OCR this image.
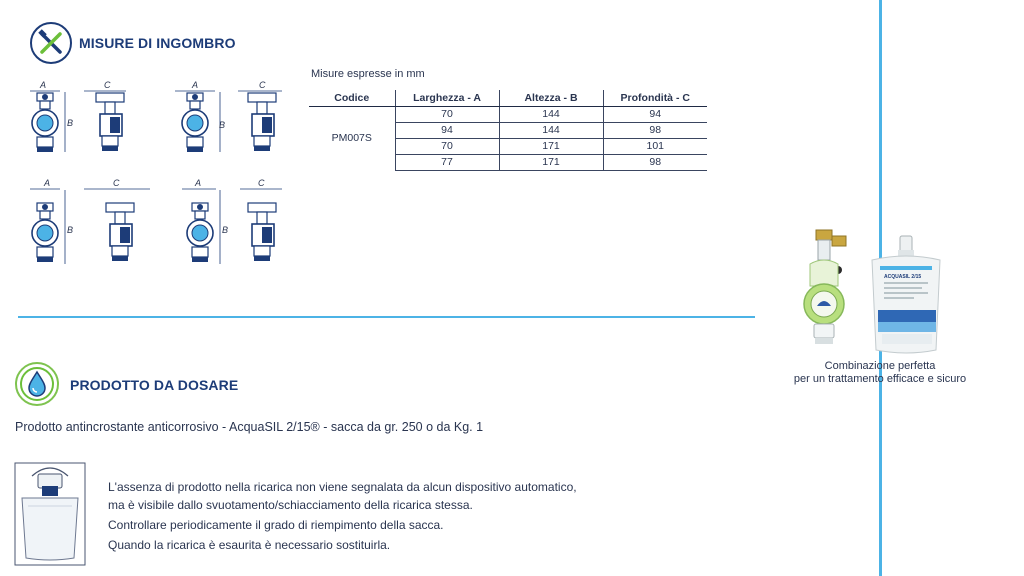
MISURE DI INGOMBRO
A	C
B
A	C
B
A	C
B
A	C
B
Misure espresse in mm
Codice	Larghezza - A	Altezza - B	Profondità - C
PM007S	70	144	94
	94	144	98
	70	171	101
	77	171	98
ACQUASIL 2/15
Combinazione perfetta
per un trattamento efficace e sicuro
PRODOTTO DA DOSARE
Prodotto antincrostante anticorrosivo - AcquaSIL 2/15® - sacca da gr. 250 o da Kg. 1

L'assenza di prodotto nella ricarica non viene segnalata da alcun dispositivo automatico,

ma è visibile dallo svuotamento/schiacciamento della ricarica stessa.

Controllare periodicamente il grado di riempimento della sacca.

Quando la ricarica è esaurita è necessario sostituirla.
